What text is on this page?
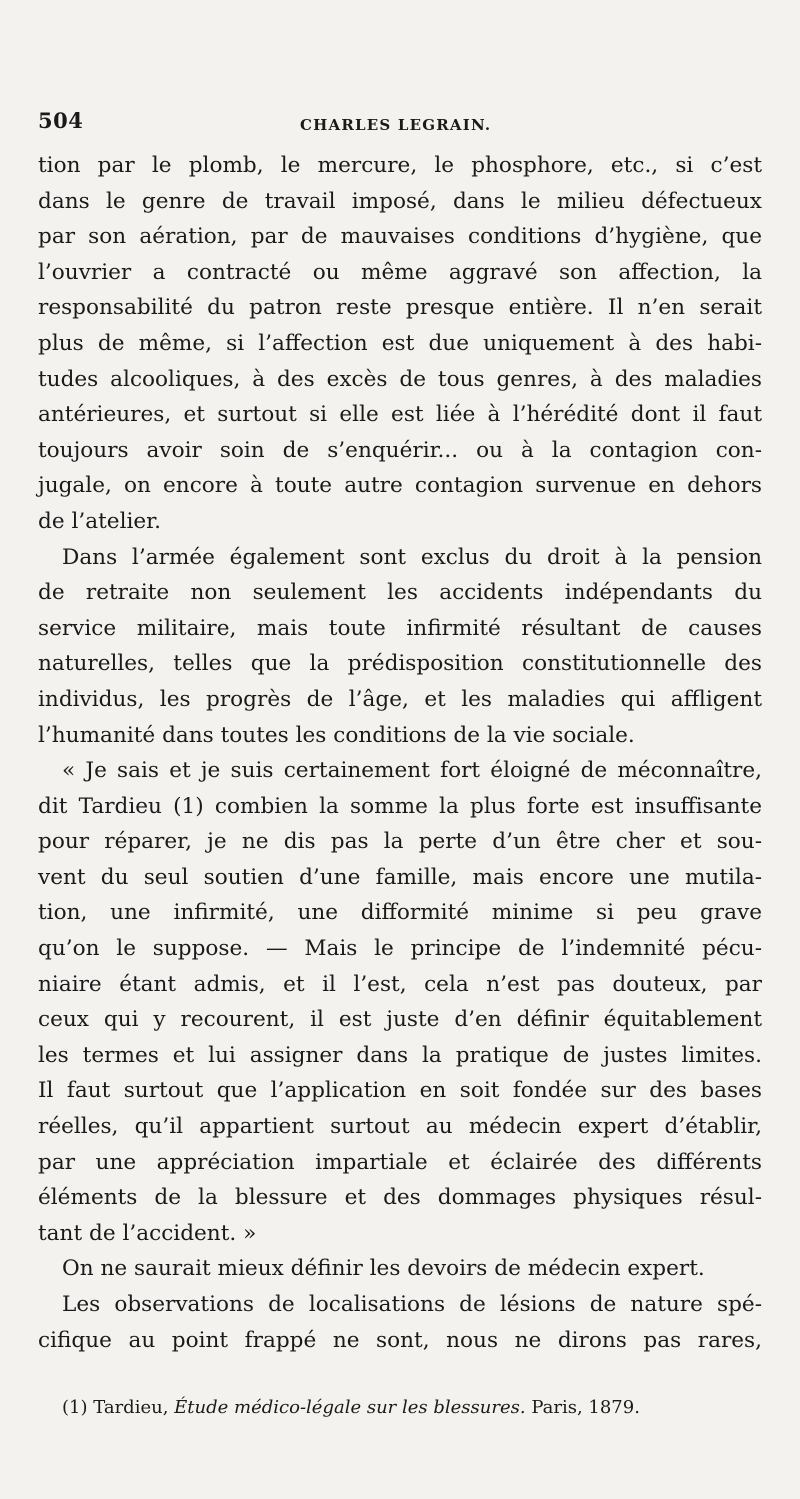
504	CHARLES LEGRAIN.
tion par le plomb, le mercure, le phosphore, etc., si c’est
dans le genre de travail imposé, dans le milieu défectueux
par son aération, par de mauvaises conditions d’hygiène, que
l’ouvrier a contracté ou même aggravé son affection, la
responsabilité du patron reste presque entière. Il n’en serait
plus de même, si l’affection est due uniquement à des habi-
tudes alcooliques, à des excès de tous genres, à des maladies
antérieures, et surtout si elle est liée à l’hérédité dont il faut
toujours avoir soin de s’enquérir... ou à la contagion con-
jugale, on encore à toute autre contagion survenue en dehors
de l’atelier.
Dans l’armée également sont exclus du droit à la pension
de retraite non seulement les accidents indépendants du
service militaire, mais toute infirmité résultant de causes
naturelles, telles que la prédisposition constitutionnelle des
individus, les progrès de l’âge, et les maladies qui affligent
l’humanité dans toutes les conditions de la vie sociale.
« Je sais et je suis certainement fort éloigné de méconnaître,
dit Tardieu (1) combien la somme la plus forte est insuffisante
pour réparer, je ne dis pas la perte d’un être cher et sou-
vent du seul soutien d’une famille, mais encore une mutila-
tion, une infirmité, une difformité minime si peu grave
qu’on le suppose. — Mais le principe de l’indemnité pécu-
niaire étant admis, et il l’est, cela n’est pas douteux, par
ceux qui y recourent, il est juste d’en définir équitablement
les termes et lui assigner dans la pratique de justes limites.
Il faut surtout que l’application en soit fondée sur des bases
réelles, qu’il appartient surtout au médecin expert d’établir,
par une appréciation impartiale et éclairée des différents
éléments de la blessure et des dommages physiques résul-
tant de l’accident. »
On ne saurait mieux définir les devoirs de médecin expert.
Les observations de localisations de lésions de nature spé-
cifique au point frappé ne sont, nous ne dirons pas rares,
(1) Tardieu, Étude médico-légale sur les blessures. Paris, 1879.
